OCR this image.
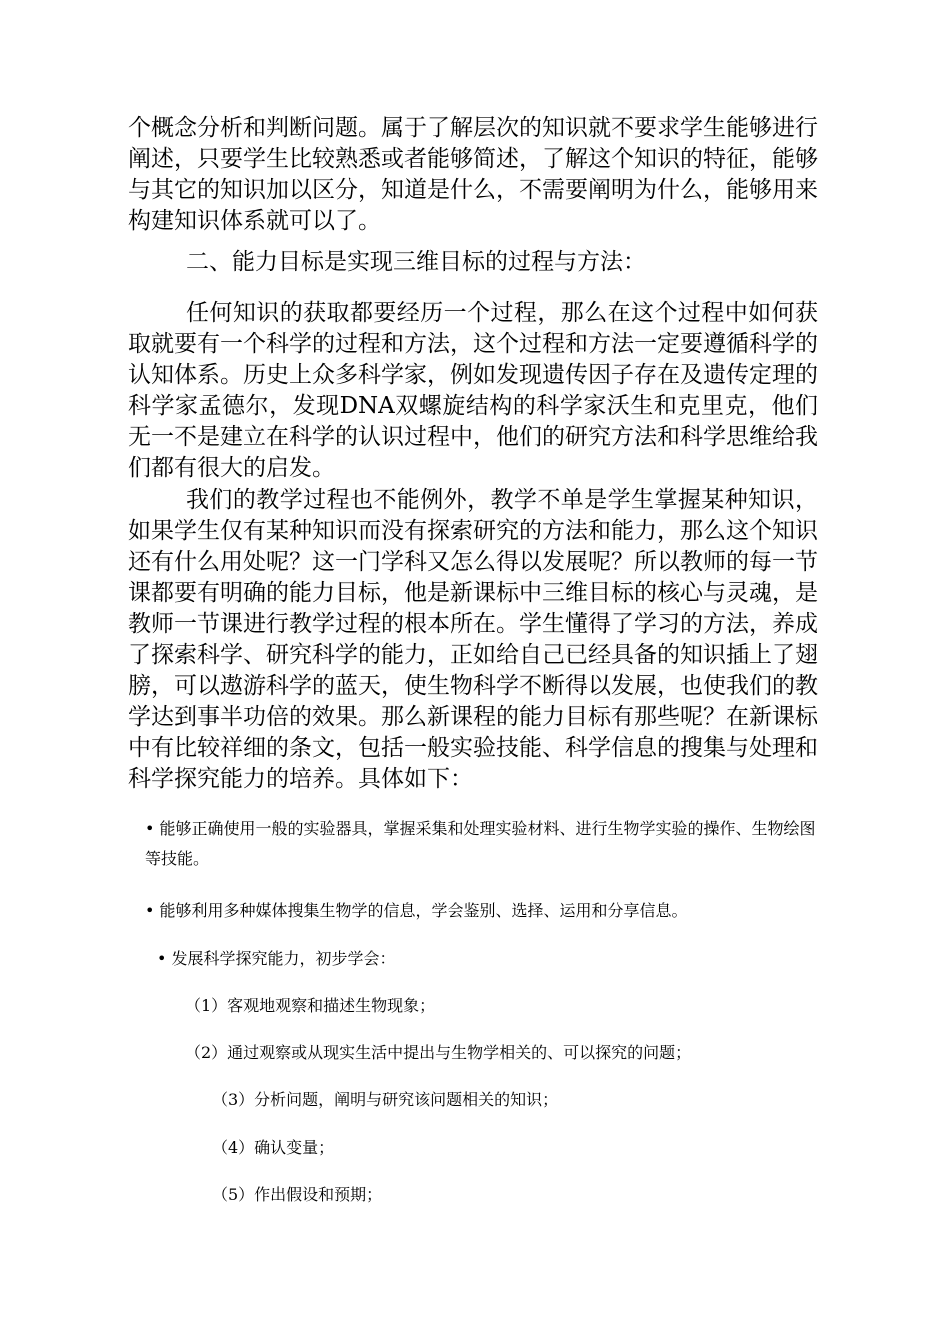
个概念分析和判断问题。属于了解层次的知识就不要求学生能够进行阐述，只要学生比较熟悉或者能够简述，了解这个知识的特征，能够与其它的知识加以区分，知道是什么，不需要阐明为什么，能够用来构建知识体系就可以了。

二、能力目标是实现三维目标的过程与方法：

任何知识的获取都要经历一个过程，那么在这个过程中如何获取就要有一个科学的过程和方法，这个过程和方法一定要遵循科学的认知体系。历史上众多科学家，例如发现遗传因子存在及遗传定理的科学家孟德尔，发现DNA双螺旋结构的科学家沃生和克里克，他们无一不是建立在科学的认识过程中，他们的研究方法和科学思维给我们都有很大的启发。

我们的教学过程也不能例外，教学不单是学生掌握某种知识，如果学生仅有某种知识而没有探索研究的方法和能力，那么这个知识还有什么用处呢？这一门学科又怎么得以发展呢？所以教师的每一节课都要有明确的能力目标，他是新课标中三维目标的核心与灵魂，是教师一节课进行教学过程的根本所在。学生懂得了学习的方法，养成了探索科学、研究科学的能力，正如给自己已经具备的知识插上了翅膀，可以遨游科学的蓝天，使生物科学不断得以发展，也使我们的教学达到事半功倍的效果。那么新课程的能力目标有那些呢？在新课标中有比较祥细的条文，包括一般实验技能、科学信息的搜集与处理和科学探究能力的培养。具体如下：

• 能够正确使用一般的实验器具，掌握采集和处理实验材料、进行生物学实验的操作、生物绘图等技能。

• 能够利用多种媒体搜集生物学的信息，学会鉴别、选择、运用和分享信息。

• 发展科学探究能力，初步学会：

（1）客观地观察和描述生物现象；

（2）通过观察或从现实生活中提出与生物学相关的、可以探究的问题；

（3）分析问题，阐明与研究该问题相关的知识；

（4）确认变量；

（5）作出假设和预期；
